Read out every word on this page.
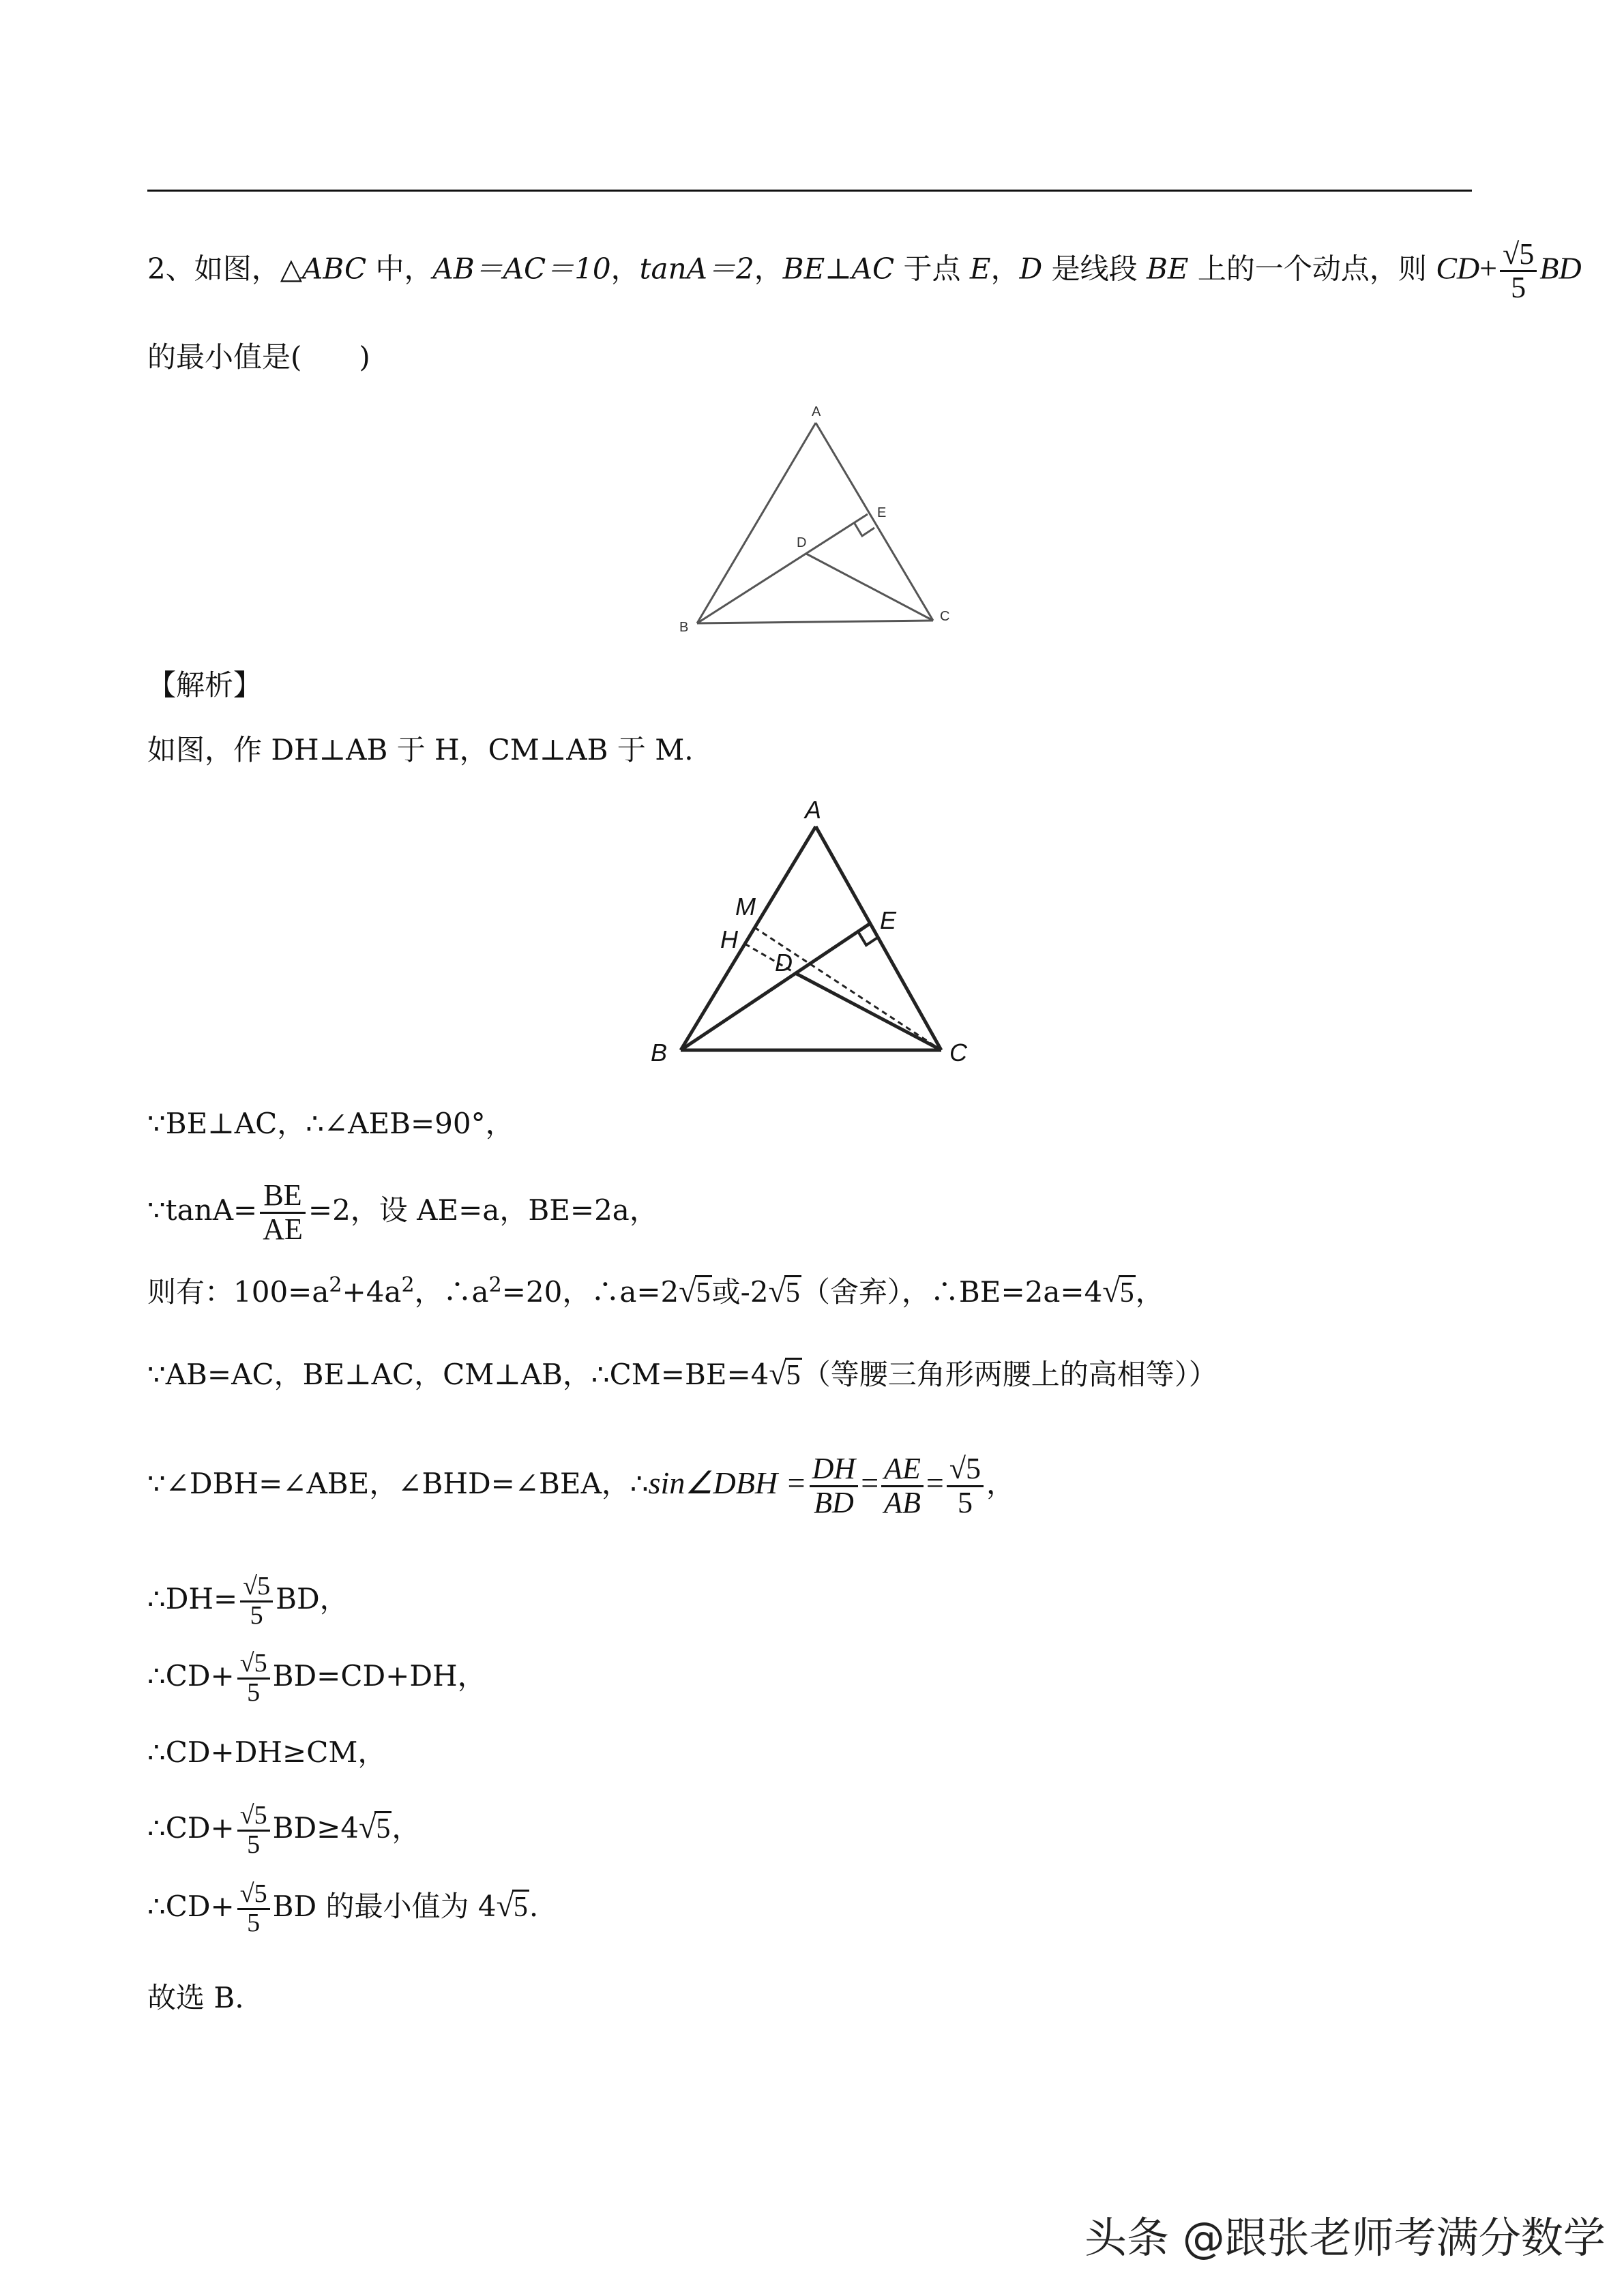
2、如图，△ABC 中，AB＝AC＝10，tanA＝2，BE⊥AC 于点 E，D 是线段 BE 上的一个动点，则 $CD+ \frac{√5}{5}$ BD
的最小值是(　　)
A
B
C
D
E
【解析】
如图，作 DH⊥AB 于 H，CM⊥AB 于 M.
A
B	C
D
E
H
M
∵BE⊥AC，∴∠AEB=90°，
∵tanA= $\frac{BE}{AE} =2$，设 AE=a，BE=2a，
则有：$100=a^2+4a^2$，$\therefore a^2=20$，∴a=2√5或-2√5（舍弃），∴BE=2a=4√5，
∵AB=AC，BE⊥AC，CM⊥AB，∴CM=BE=4√5（等腰三角形两腰上的高相等））
∵∠DBH=∠ABE，∠BHD=∠BEA，∴sin∠DBH = $\frac{DH}{BD} = \frac{AE}{AB} = \frac{√5}{5}$ ，
∴DH= $\frac{√5}{5}$ BD，
∴CD+ $\frac{√5}{5} BD=CD+DH$，
∴CD+DH≥CM，
∴CD+ $\frac{√5}{5} BD\ge 4√5$，
∴CD+ $\frac{√5}{5}$ BD 的最小值为 4√5.
故选 B.
头条 @跟张老师考满分数学
